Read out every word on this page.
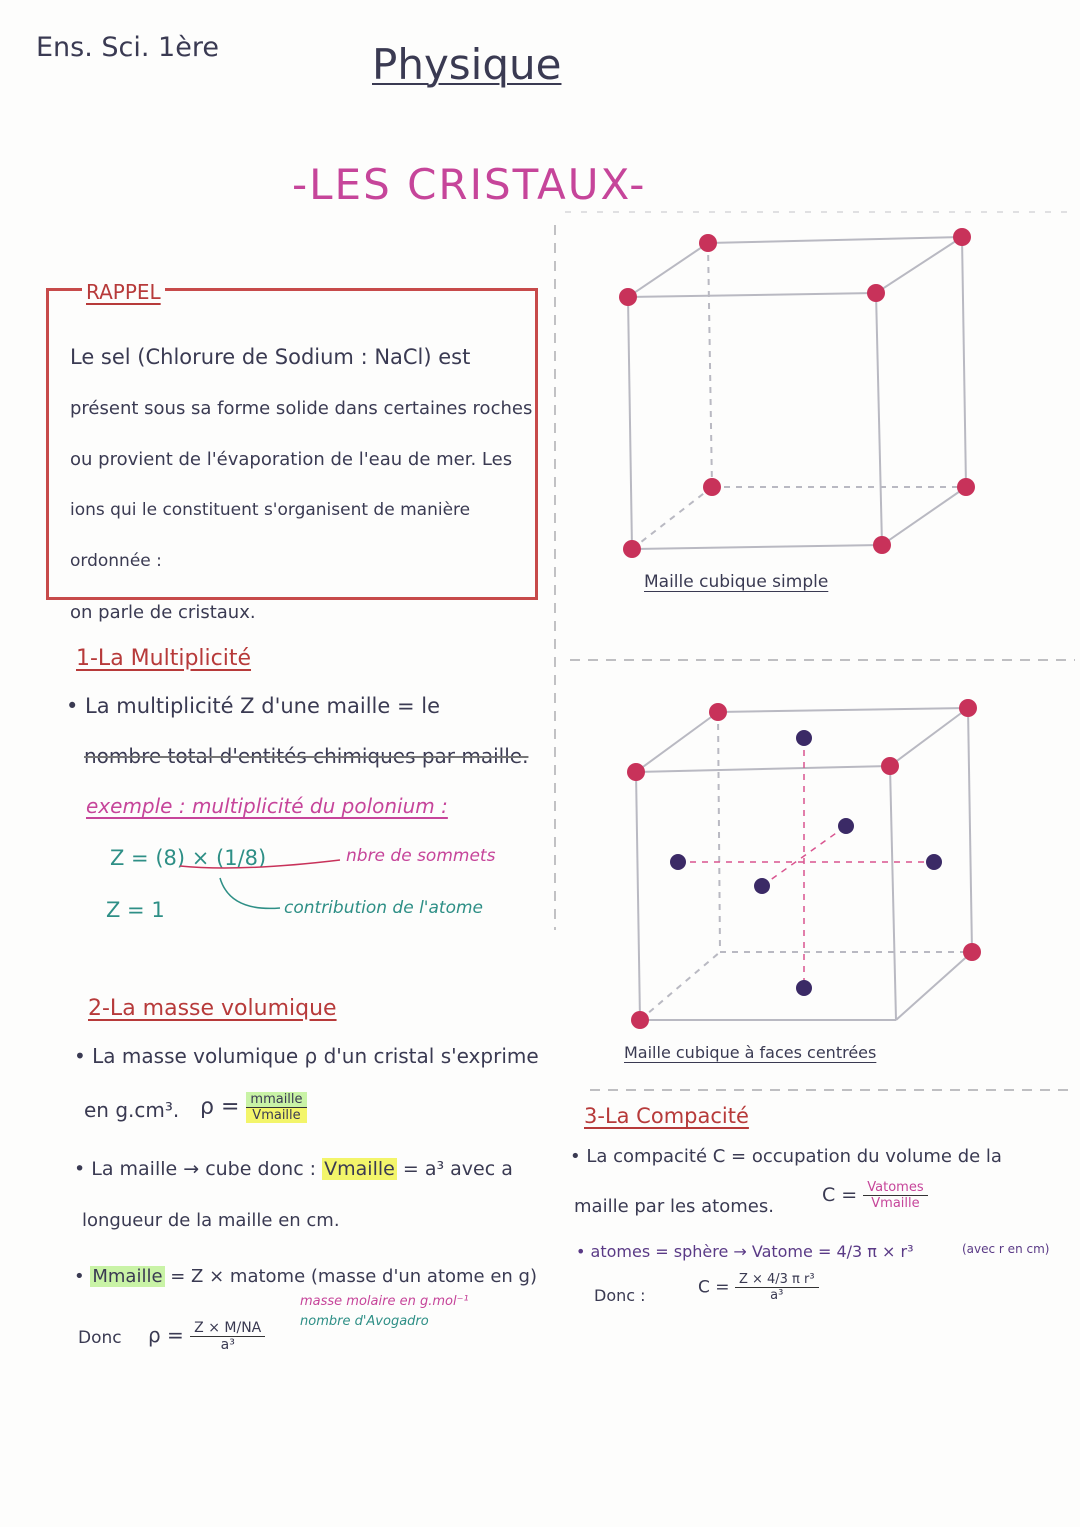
Ens. Sci. 1ère	Physique
-LES CRISTAUX-
RAPPEL
Le sel (Chlorure de Sodium : NaCl) est
présent sous sa forme solide dans certaines roches
ou provient de l'évaporation de l'eau de mer. Les
ions qui le constituent s'organisent de manière ordonnée :
on parle de cristaux.
Maille cubique simple
Maille cubique à faces centrées
1-La Multiplicité
• La multiplicité Z d'une maille = le
nombre total d'entités chimiques par maille.
exemple : multiplicité du polonium :
Z = (8) × (1/8)
Z = 1
nbre de sommets
contribution de l'atome
2-La masse volumique
• La masse volumique ρ d'un cristal s'exprime
en g.cm³. $\rho = \frac{\text{mmaille}}{\text{Vmaille}}$
• La maille → cube donc : Vmaille = a³ avec a
longueur de la maille en cm.
• Mmaille = Z × matome (masse d'un atome en g)
masse molaire en g.mol⁻¹
nombre d'Avogadro
Donc $\rho = \frac{Z \times M/NA}{\text{a³}}$
3-La Compacité
• La compacité C = occupation du volume de la
maille par les atomes.
$C = \frac{\text{Vatomes}}{\text{Vmaille}}$
• atomes = sphère → Vatome = 4/3 π × r³	(avec r en cm)
Donc :	$C = \frac{\text{Z × 4/3 π r³}}{\text{a³}}$
